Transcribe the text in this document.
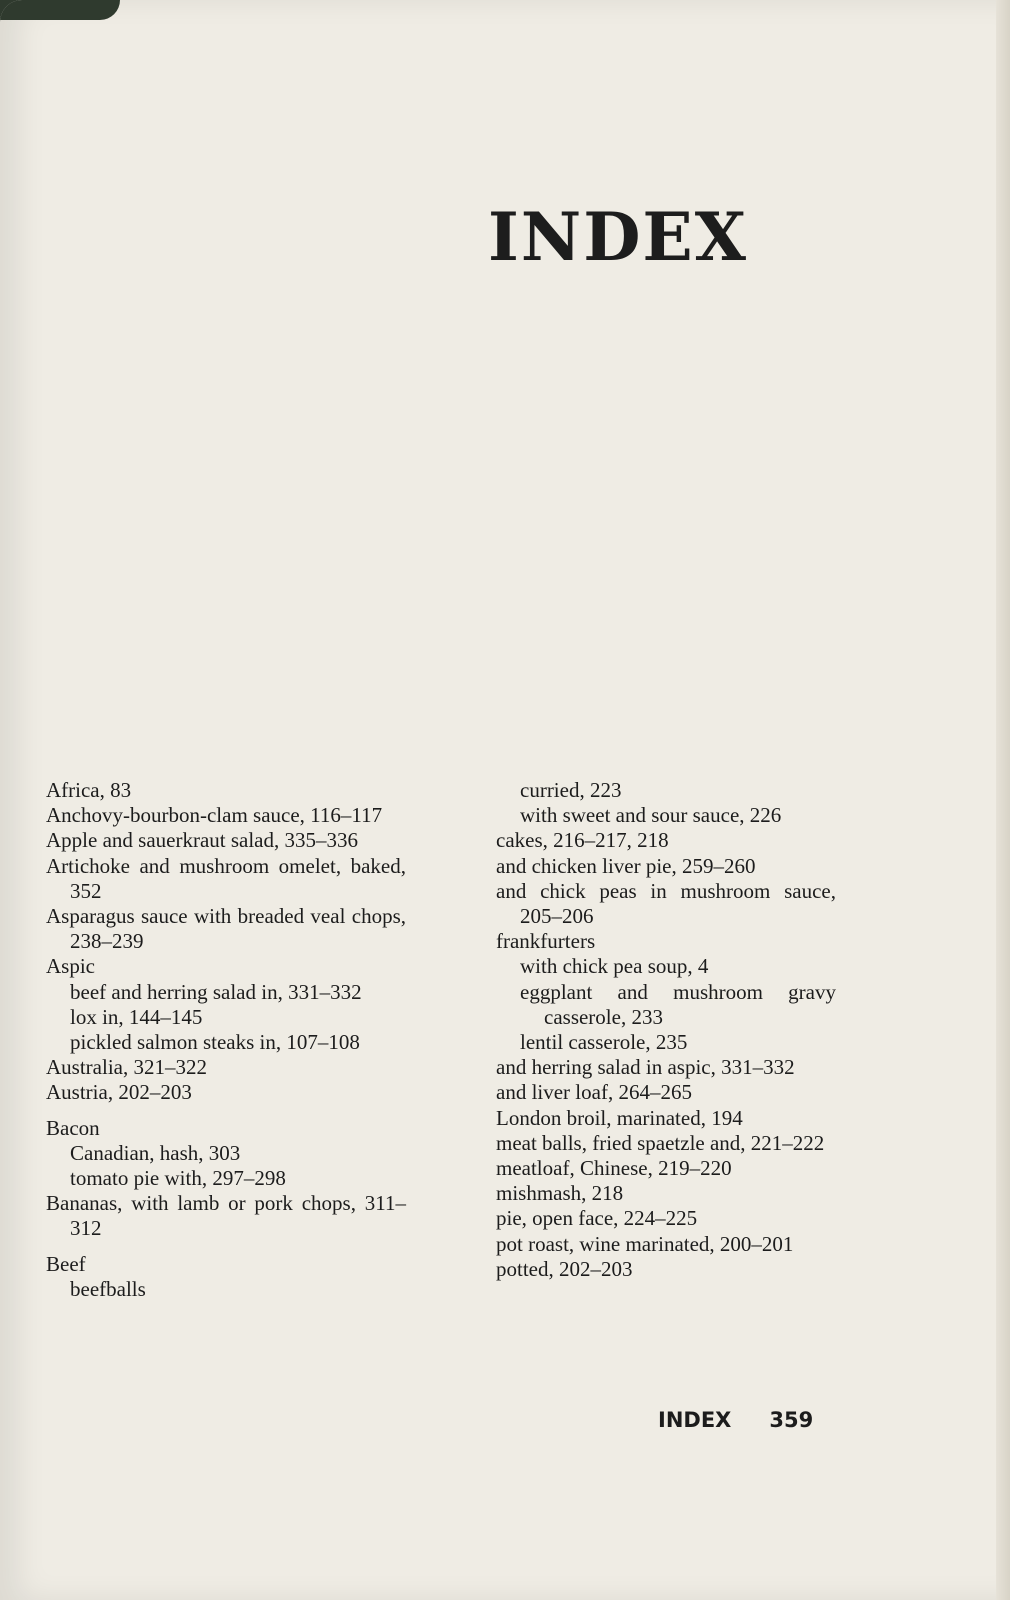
INDEX
Africa, 83
Anchovy-bourbon-clam sauce, 116–117
Apple and sauerkraut salad, 335–336
Artichoke and mushroom omelet, baked, 352
Asparagus sauce with breaded veal chops, 238–239
Aspic
beef and herring salad in, 331–332
lox in, 144–145
pickled salmon steaks in, 107–108
Australia, 321–322
Austria, 202–203
Bacon
Canadian, hash, 303
tomato pie with, 297–298
Bananas, with lamb or pork chops, 311–312
Beef
beefballs
curried, 223
with sweet and sour sauce, 226
cakes, 216–217, 218
and chicken liver pie, 259–260
and chick peas in mushroom sauce, 205–206
frankfurters
with chick pea soup, 4
eggplant and mushroom gravy casserole, 233
lentil casserole, 235
and herring salad in aspic, 331–332
and liver loaf, 264–265
London broil, marinated, 194
meat balls, fried spaetzle and, 221–222
meatloaf, Chinese, 219–220
mishmash, 218
pie, open face, 224–225
pot roast, wine marinated, 200–201
potted, 202–203
INDEX 359
